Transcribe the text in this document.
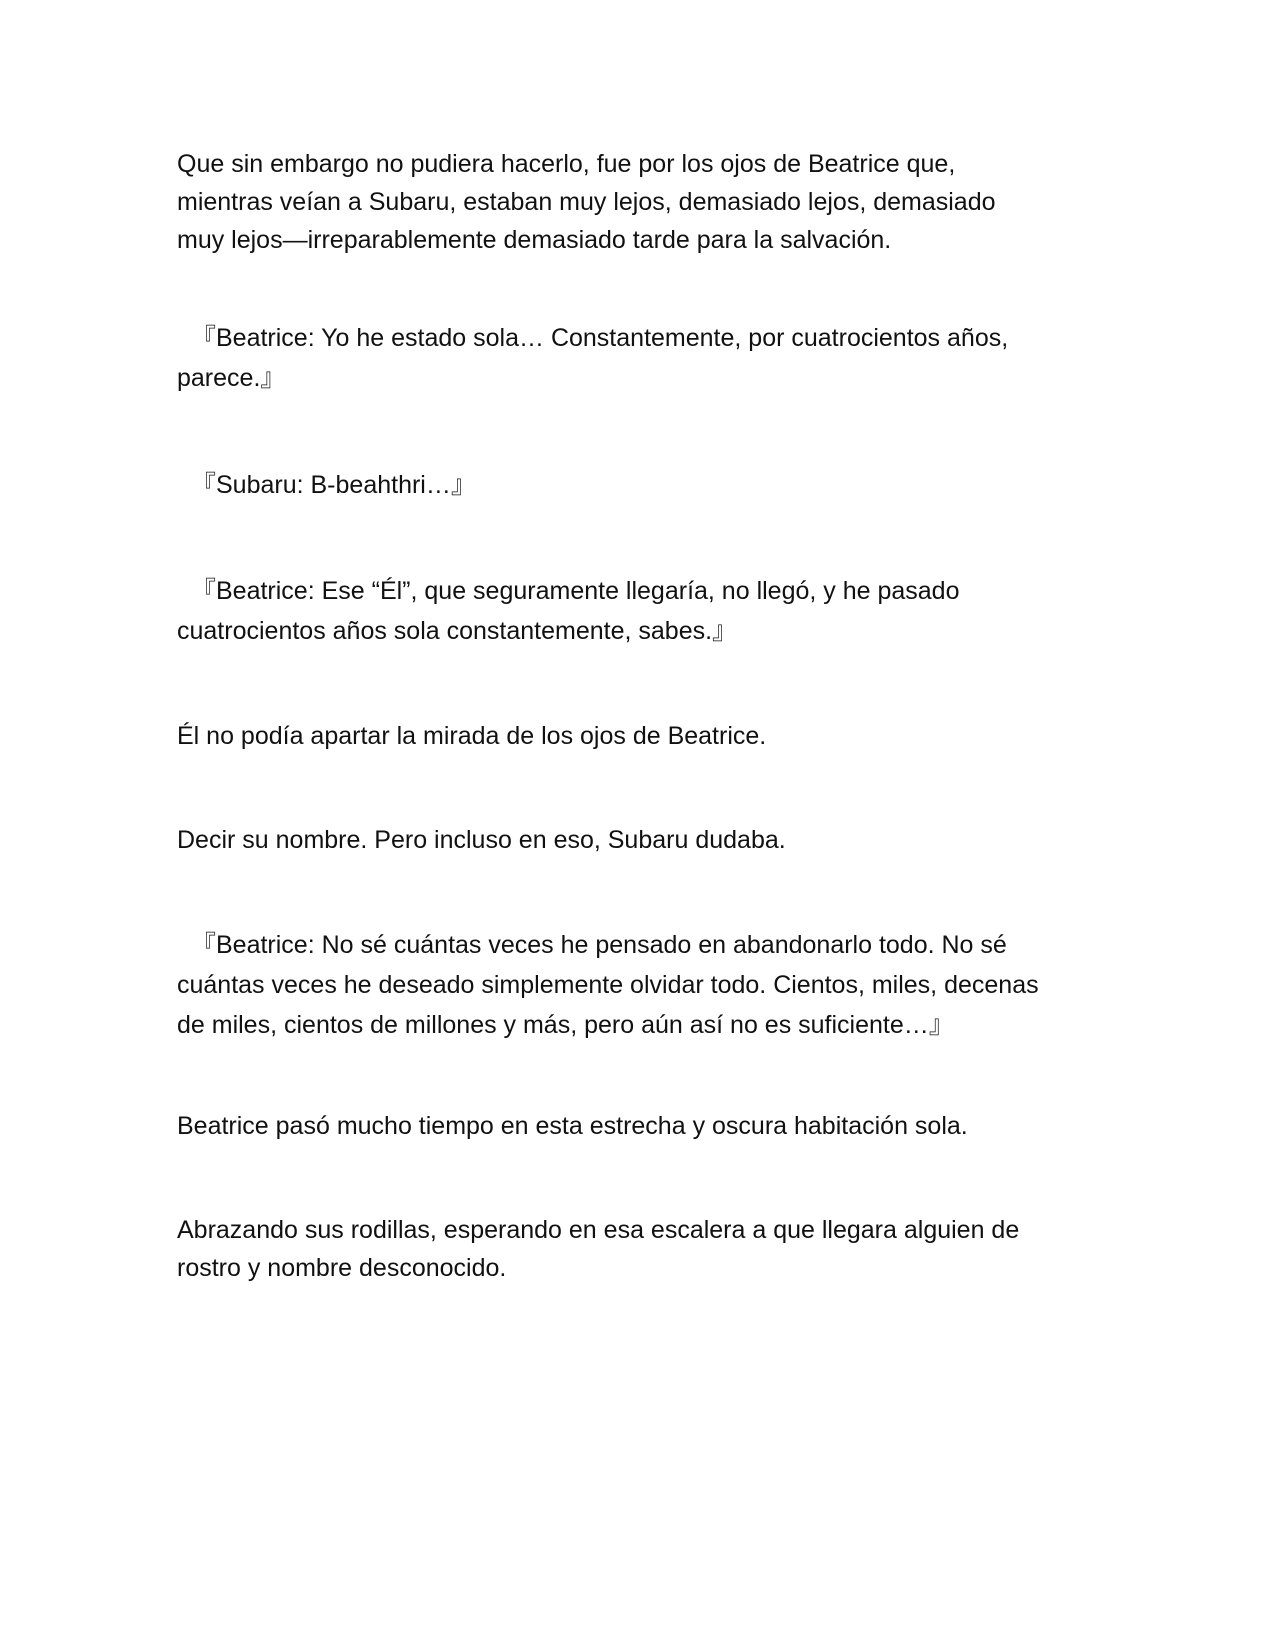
Que sin embargo no pudiera hacerlo, fue por los ojos de Beatrice que,
mientras veían a Subaru, estaban muy lejos, demasiado lejos, demasiado
muy lejos—irreparablemente demasiado tarde para la salvación.

『Beatrice: Yo he estado sola… Constantemente, por cuatrocientos años,
parece.』

『Subaru: B-beahthri…』

『Beatrice: Ese “Él”, que seguramente llegaría, no llegó, y he pasado
cuatrocientos años sola constantemente, sabes.』

Él no podía apartar la mirada de los ojos de Beatrice.

Decir su nombre. Pero incluso en eso, Subaru dudaba.

『Beatrice: No sé cuántas veces he pensado en abandonarlo todo. No sé
cuántas veces he deseado simplemente olvidar todo. Cientos, miles, decenas
de miles, cientos de millones y más, pero aún así no es suficiente…』

Beatrice pasó mucho tiempo en esta estrecha y oscura habitación sola.

Abrazando sus rodillas, esperando en esa escalera a que llegara alguien de
rostro y nombre desconocido.
